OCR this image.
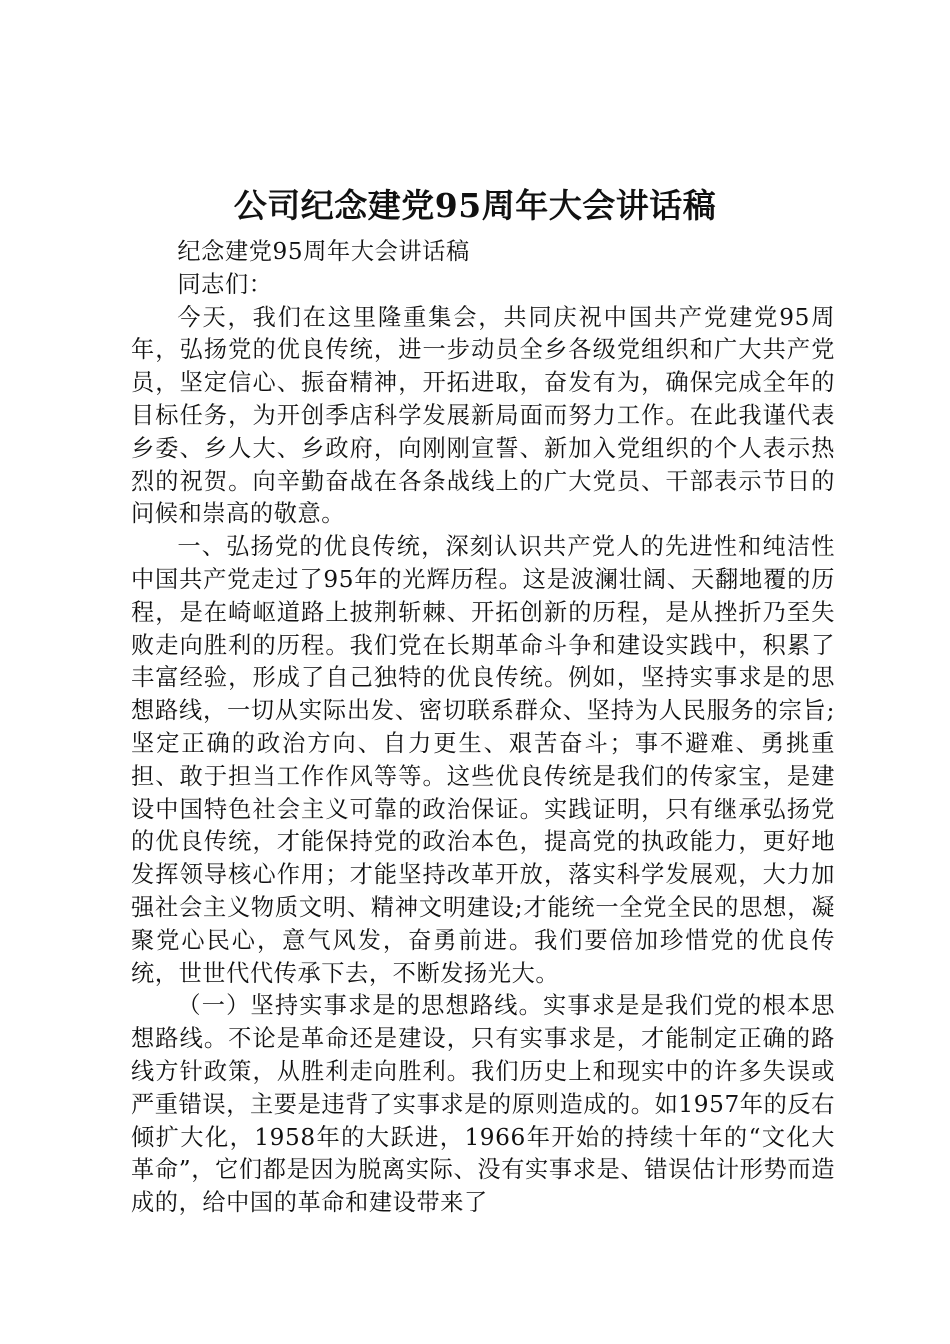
公司纪念建党95周年大会讲话稿

纪念建党95周年大会讲话稿

同志们：

今天，我们在这里隆重集会，共同庆祝中国共产党建党95周年，弘扬党的优良传统，进一步动员全乡各级党组织和广大共产党员，坚定信心、振奋精神，开拓进取，奋发有为，确保完成全年的目标任务，为开创季店科学发展新局面而努力工作。在此我谨代表乡委、乡人大、乡政府，向刚刚宣誓、新加入党组织的个人表示热烈的祝贺。向辛勤奋战在各条战线上的广大党员、干部表示节日的问候和崇高的敬意。

一、弘扬党的优良传统，深刻认识共产党人的先进性和纯洁性中国共产党走过了95年的光辉历程。这是波澜壮阔、天翻地覆的历程，是在崎岖道路上披荆斩棘、开拓创新的历程，是从挫折乃至失败走向胜利的历程。我们党在长期革命斗争和建设实践中，积累了丰富经验，形成了自己独特的优良传统。例如，坚持实事求是的思想路线，一切从实际出发、密切联系群众、坚持为人民服务的宗旨;坚定正确的政治方向、自力更生、艰苦奋斗；事不避难、勇挑重担、敢于担当工作作风等等。这些优良传统是我们的传家宝，是建设中国特色社会主义可靠的政治保证。实践证明，只有继承弘扬党的优良传统，才能保持党的政治本色，提高党的执政能力，更好地发挥领导核心作用；才能坚持改革开放，落实科学发展观，大力加强社会主义物质文明、精神文明建设;才能统一全党全民的思想，凝聚党心民心，意气风发，奋勇前进。我们要倍加珍惜党的优良传统，世世代代传承下去，不断发扬光大。

（一）坚持实事求是的思想路线。实事求是是我们党的根本思想路线。不论是革命还是建设，只有实事求是，才能制定正确的路线方针政策，从胜利走向胜利。我们历史上和现实中的许多失误或严重错误，主要是违背了实事求是的原则造成的。如1957年的反右倾扩大化，1958年的大跃进，1966年开始的持续十年的“文化大革命”，它们都是因为脱离实际、没有实事求是、错误估计形势而造成的，给中国的革命和建设带来了
